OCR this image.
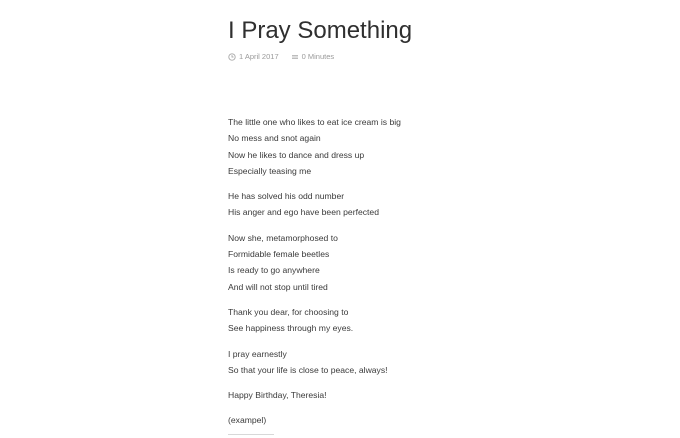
I Pray Something
1 April 2017	0 Minutes

The little one who likes to eat ice cream is big
No mess and snot again
Now he likes to dance and dress up
Especially teasing me

He has solved his odd number
His anger and ego have been perfected

Now she, metamorphosed to
Formidable female beetles
Is ready to go anywhere
And will not stop until tired

Thank you dear, for choosing to
See happiness through my eyes.

I pray earnestly
So that your life is close to peace, always!

Happy Birthday, Theresia!

(exampel)
